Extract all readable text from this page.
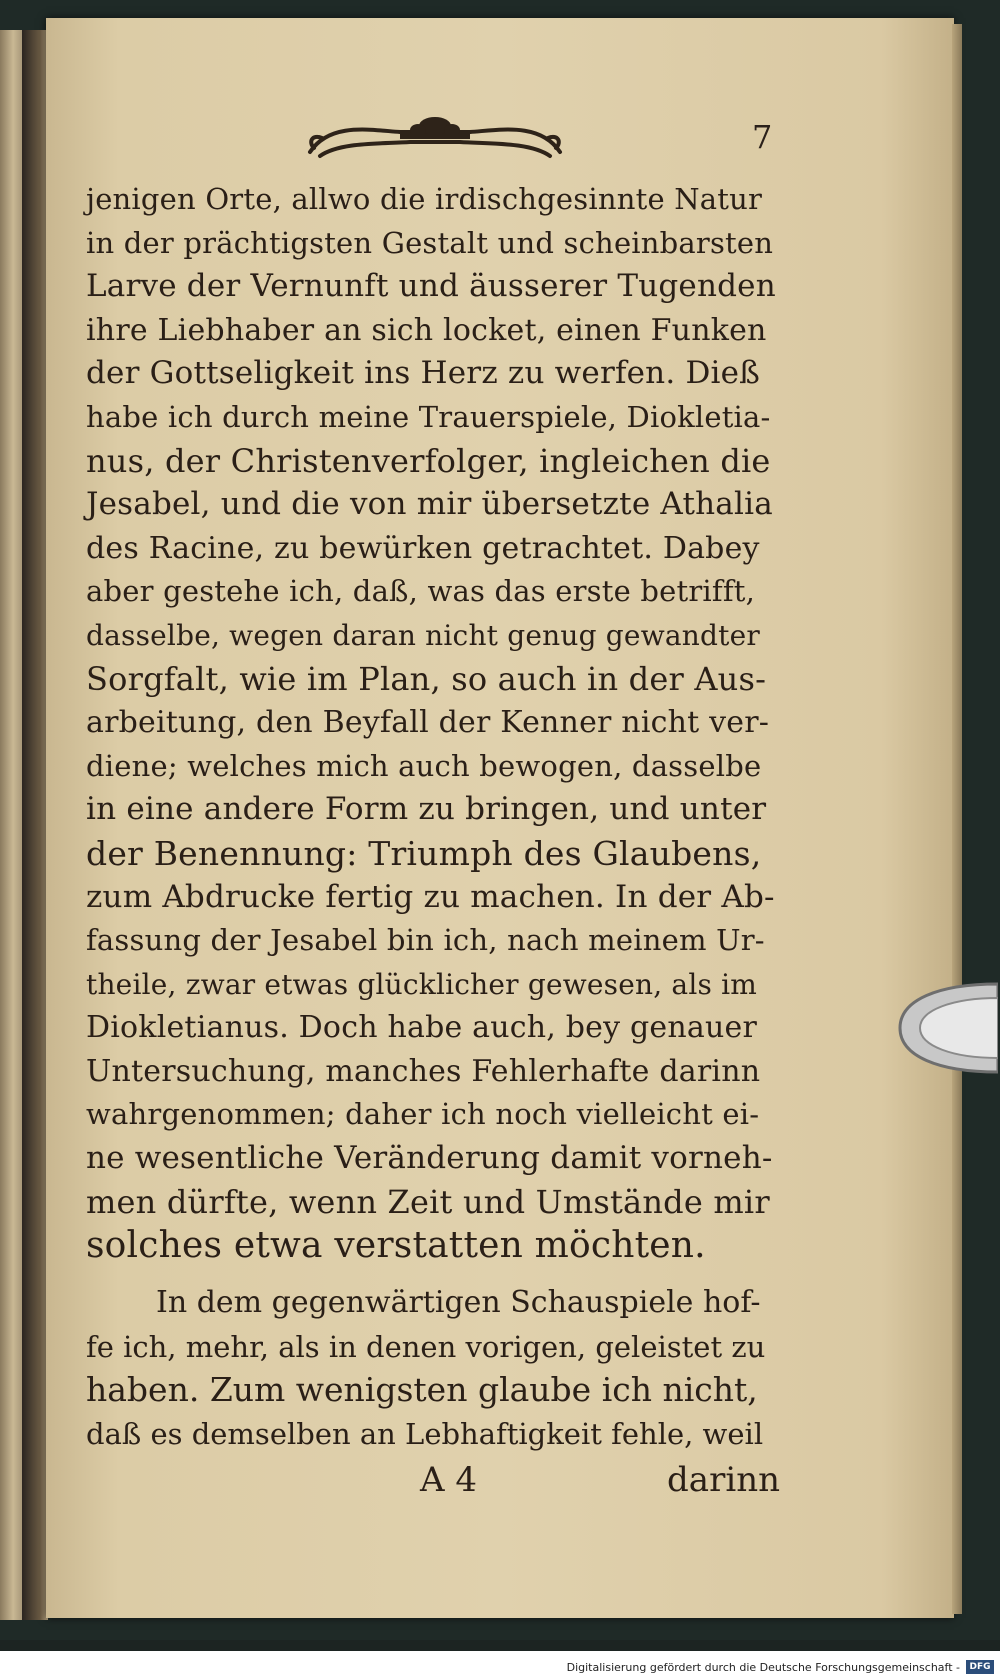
7
jenigen Orte, allwo die irdischgesinnte Natur
in der prächtigsten Gestalt und scheinbarsten
Larve der Vernunft und äusserer Tugenden
ihre Liebhaber an sich locket, einen Funken
der Gottseligkeit ins Herz zu werfen. Dieß
habe ich durch meine Trauerspiele, Diokletia-
nus, der Christenverfolger, ingleichen die
Jesabel, und die von mir übersetzte Athalia
des Racine, zu bewürken getrachtet. Dabey
aber gestehe ich, daß, was das erste betrifft,
dasselbe, wegen daran nicht genug gewandter
Sorgfalt, wie im Plan, so auch in der Aus-
arbeitung, den Beyfall der Kenner nicht ver-
diene; welches mich auch bewogen, dasselbe
in eine andere Form zu bringen, und unter
der Benennung: Triumph des Glaubens,
zum Abdrucke fertig zu machen. In der Ab-
fassung der Jesabel bin ich, nach meinem Ur-
theile, zwar etwas glücklicher gewesen, als im
Diokletianus. Doch habe auch, bey genauer
Untersuchung, manches Fehlerhafte darinn
wahrgenommen; daher ich noch vielleicht ei-
ne wesentliche Veränderung damit vorneh-
men dürfte, wenn Zeit und Umstände mir
solches etwa verstatten möchten.
In dem gegenwärtigen Schauspiele hof-
fe ich, mehr, als in denen vorigen, geleistet zu
haben. Zum wenigsten glaube ich nicht,
daß es demselben an Lebhaftigkeit fehle, weil
A 4	darinn
Digitalisierung gefördert durch die Deutsche Forschungsgemeinschaft -	DFG
